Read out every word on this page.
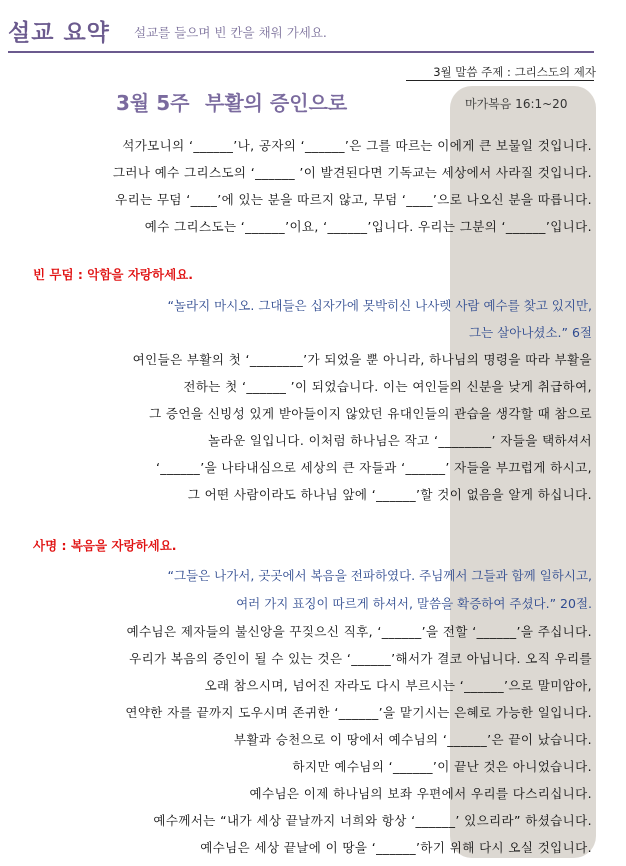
설교 요약 설교를 들으며 빈 칸을 채워 가세요.
3월 말씀 주제 : 그리스도의 제자
3월 5주 부활의 증인으로	마가복음 16:1~20
석가모니의 ‘______’나, 공자의 ‘______’은 그를 따르는 이에게 큰 보물일 것입니다.
그러나 예수 그리스도의 ‘______ ’이 발견된다면 기독교는 세상에서 사라질 것입니다.
우리는 무덤 ‘____’에 있는 분을 따르지 않고, 무덤 ‘____’으로 나오신 분을 따릅니다.
예수 그리스도는 ‘______’이요, ‘______’입니다. 우리는 그분의 ‘______’입니다.
빈 무덤 : 악함을 자랑하세요.
“놀라지 마시오. 그대들은 십자가에 못박히신 나사렛 사람 예수를 찾고 있지만,
그는 살아나셨소.” 6절
여인들은 부활의 첫 ‘________’가 되었을 뿐 아니라, 하나님의 명령을 따라 부활을
전하는 첫 ‘______ ’이 되었습니다. 이는 여인들의 신분을 낮게 취급하여,
그 증언을 신빙성 있게 받아들이지 않았던 유대인들의 관습을 생각할 때 참으로
놀라운 일입니다. 이처럼 하나님은 작고 ‘________’ 자들을 택하셔서
‘______’을 나타내심으로 세상의 큰 자들과 ‘______’ 자들을 부끄럽게 하시고,
그 어떤 사람이라도 하나님 앞에 ‘______’할 것이 없음을 알게 하십니다.
사명 : 복음을 자랑하세요.
“그들은 나가서, 곳곳에서 복음을 전파하였다. 주님께서 그들과 함께 일하시고,
여러 가지 표징이 따르게 하셔서, 말씀을 확증하여 주셨다.” 20절.
예수님은 제자들의 불신앙을 꾸짖으신 직후, ‘______’을 전할 ‘______’을 주십니다.
우리가 복음의 증인이 될 수 있는 것은 ‘______’해서가 결코 아닙니다. 오직 우리를
오래 참으시며, 넘어진 자라도 다시 부르시는 ‘______’으로 말미암아,
연약한 자를 끝까지 도우시며 존귀한 ‘______’을 맡기시는 은혜로 가능한 일입니다.
부활과 승천으로 이 땅에서 예수님의 ‘______’은 끝이 났습니다.
하지만 예수님의 ‘______’이 끝난 것은 아니었습니다.
예수님은 이제 하나님의 보좌 우편에서 우리를 다스리십니다.
예수께서는 “내가 세상 끝날까지 너희와 항상 ‘______’ 있으리라” 하셨습니다.
예수님은 세상 끝날에 이 땅을 ‘______’하기 위해 다시 오실 것입니다.
